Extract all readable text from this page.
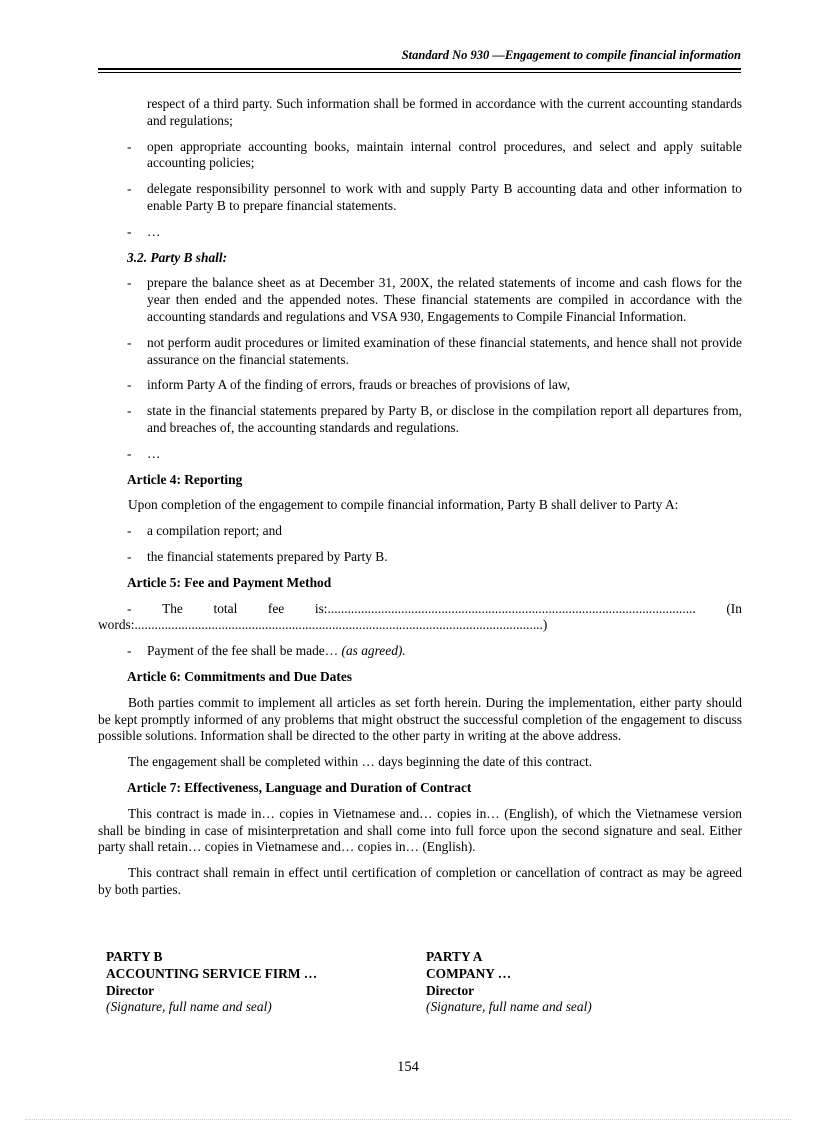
Standard No 930 —Engagement to compile financial information

respect of a third party. Such information shall be formed in accordance with the current accounting standards and regulations;

- open appropriate accounting books, maintain internal control procedures, and select and apply suitable accounting policies;
- delegate responsibility personnel to work with and supply Party B accounting data and other information to enable Party B to prepare financial statements.
- …
3.2. Party B shall:
- prepare the balance sheet as at December 31, 200X, the related statements of income and cash flows for the year then ended and the appended notes. These financial statements are compiled in accordance with the accounting standards and regulations and VSA 930, Engagements to Compile Financial Information.
- not perform audit procedures or limited examination of these financial statements, and hence shall not provide assurance on the financial statements.
- inform Party A of the finding of errors, frauds or breaches of provisions of law,
- state in the financial statements prepared by Party B, or disclose in the compilation report all departures from, and breaches of, the accounting standards and regulations.
- …
Article 4: Reporting

Upon completion of the engagement to compile financial information, Party B shall deliver to Party A:

- a compilation report; and
- the financial statements prepared by Party B.
Article 5: Fee and Payment Method
- The total fee is:.............................................................................................................. (In
words:..........................................................................................................................)
- Payment of the fee shall be made… (as agreed).
Article 6: Commitments and Due Dates

Both parties commit to implement all articles as set forth herein. During the implementation, either party should be kept promptly informed of any problems that might obstruct the successful completion of the engagement to discuss possible solutions. Information shall be directed to the other party in writing at the above address.

The engagement shall be completed within … days beginning the date of this contract.

Article 7: Effectiveness, Language and Duration of Contract

This contract is made in… copies in Vietnamese and… copies in… (English), of which the Vietnamese version shall be binding in case of misinterpretation and shall come into full force upon the second signature and seal. Either party shall retain… copies in Vietnamese and… copies in… (English).

This contract shall remain in effect until certification of completion or cancellation of contract as may be agreed by both parties.

PARTY B
ACCOUNTING SERVICE FIRM …
Director
(Signature, full name and seal)
PARTY A
COMPANY …
Director
(Signature, full name and seal)
154
